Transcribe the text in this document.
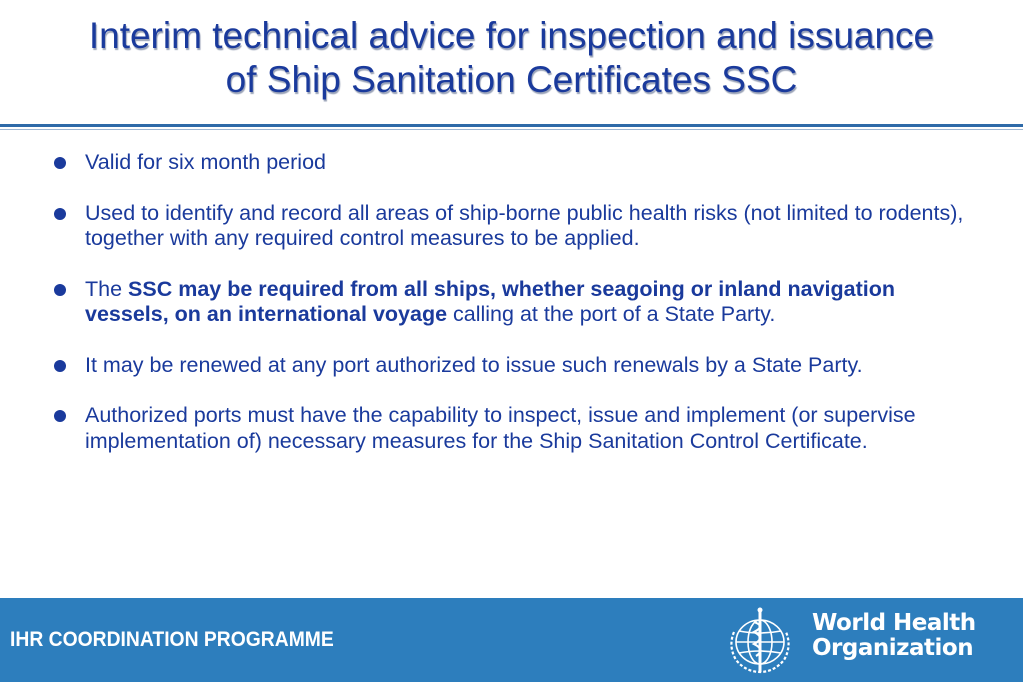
Interim technical advice for inspection and issuance
of Ship Sanitation Certificates SSC
Valid for six month period
Used to identify and record all areas of ship-borne public health risks (not limited to rodents), together with any required control measures to be applied.
The SSC may be required from all ships, whether seagoing or inland navigation vessels, on an international voyage calling at the port of a State Party.
It may be renewed at any port authorized to issue such renewals by a State Party.
Authorized ports must have the capability to inspect, issue and implement (or supervise implementation of) necessary measures for the Ship Sanitation Control Certificate.
IHR COORDINATION PROGRAMME
World Health
Organization
